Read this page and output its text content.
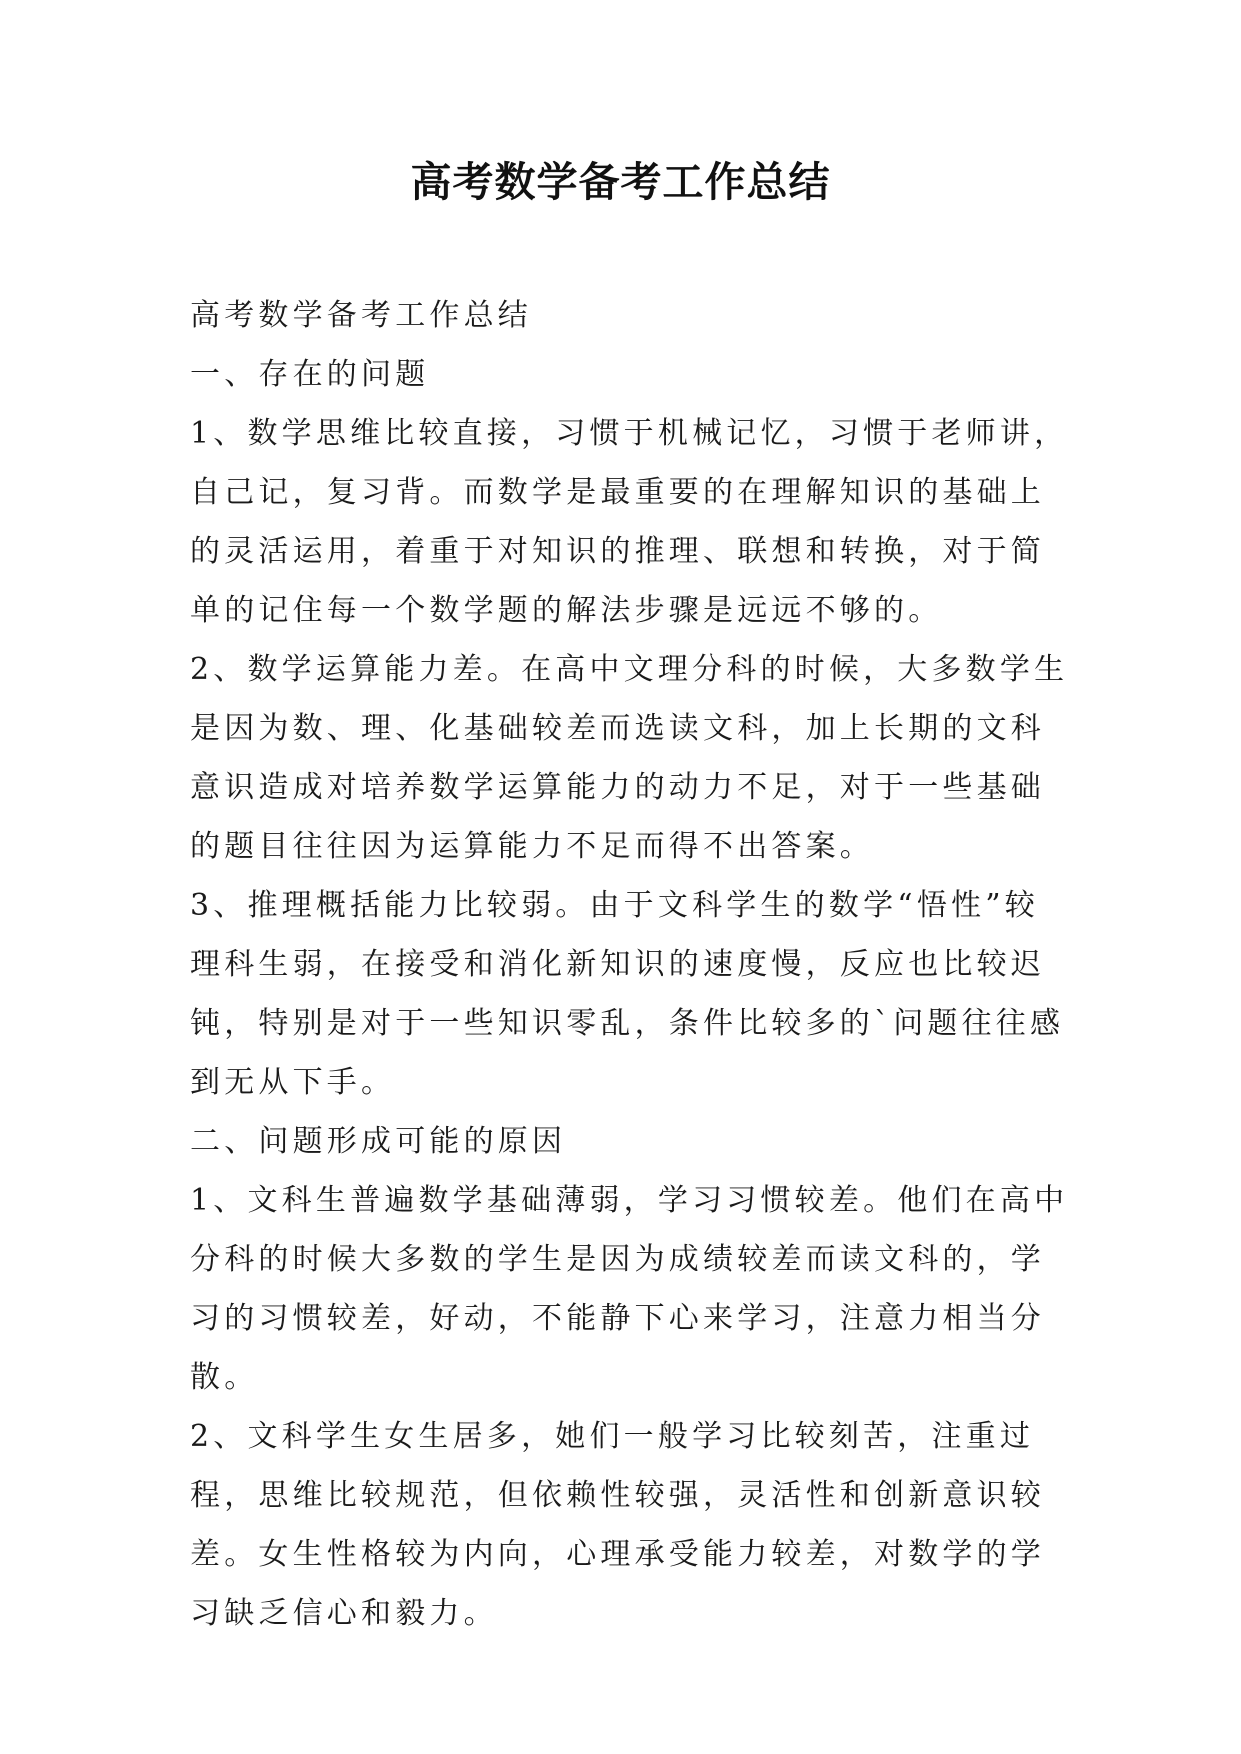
高考数学备考工作总结

高考数学备考工作总结

一、存在的问题

1、数学思维比较直接，习惯于机械记忆，习惯于老师讲，自己记，复习背。而数学是最重要的在理解知识的基础上的灵活运用，着重于对知识的推理、联想和转换，对于简单的记住每一个数学题的解法步骤是远远不够的。

2、数学运算能力差。在高中文理分科的时候，大多数学生是因为数、理、化基础较差而选读文科，加上长期的文科意识造成对培养数学运算能力的动力不足，对于一些基础的题目往往因为运算能力不足而得不出答案。

3、推理概括能力比较弱。由于文科学生的数学“悟性”较理科生弱，在接受和消化新知识的速度慢，反应也比较迟钝，特别是对于一些知识零乱，条件比较多的`问题往往感到无从下手。

二、问题形成可能的原因

1、文科生普遍数学基础薄弱，学习习惯较差。他们在高中分科的时候大多数的学生是因为成绩较差而读文科的，学习的习惯较差，好动，不能静下心来学习，注意力相当分散。

2、文科学生女生居多，她们一般学习比较刻苦，注重过程，思维比较规范，但依赖性较强，灵活性和创新意识较差。女生性格较为内向，心理承受能力较差，对数学的学习缺乏信心和毅力。
